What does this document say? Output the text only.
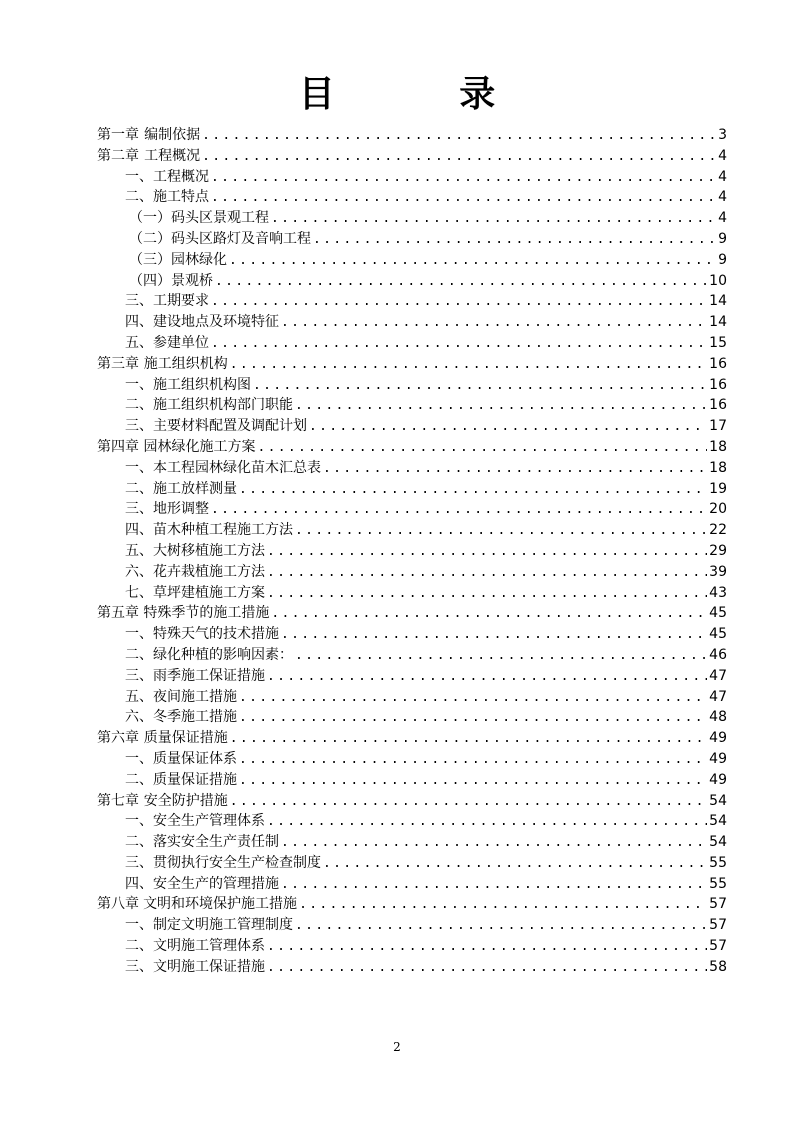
目 录
第一章 编制依据 .....	3
第二章 工程概况 .....	4
一、 工程概况 .....	4
二、 施工特点 .....	4
（一） 码头区景观工程 .....	4
（二） 码头区路灯及音响工程 .....	9
（三） 园林绿化 .....	9
（四） 景观桥 .....	10
三、 工期要求 .....	14
四、 建设地点及环境特征 .....	14
五、 参建单位 .....	15
第三章 施工组织机构 .....	16
一、 施工组织机构图 .....	16
二、 施工组织机构部门职能 .....	16
三、 主要材料配置及调配计划 .....	17
第四章 园林绿化施工方案 .....	18
一、 本工程园林绿化苗木汇总表 .....	18
二、 施工放样测量 .....	19
三、 地形调整 .....	20
四、 苗木种植工程施工方法 .....	22
五、 大树移植施工方法 .....	29
六、 花卉栽植施工方法 .....	39
七、 草坪建植施工方案 .....	43
第五章 特殊季节的施工措施 .....	45
一、 特殊天气的技术措施 .....	45
二、 绿化种植的影响因素： .....	46
三、 雨季施工保证措施 .....	47
五、 夜间施工措施 .....	47
六、 冬季施工措施 .....	48
第六章 质量保证措施 .....	49
一、 质量保证体系 .....	49
二、 质量保证措施 .....	49
第七章 安全防护措施 .....	54
一、 安全生产管理体系 .....	54
二、 落实安全生产责任制 .....	54
三、 贯彻执行安全生产检查制度 .....	55
四、 安全生产的管理措施 .....	55
第八章 文明和环境保护施工措施 .....	57
一、 制定文明施工管理制度 .....	57
二、 文明施工管理体系 .....	57
三、 文明施工保证措施 .....	58
2
